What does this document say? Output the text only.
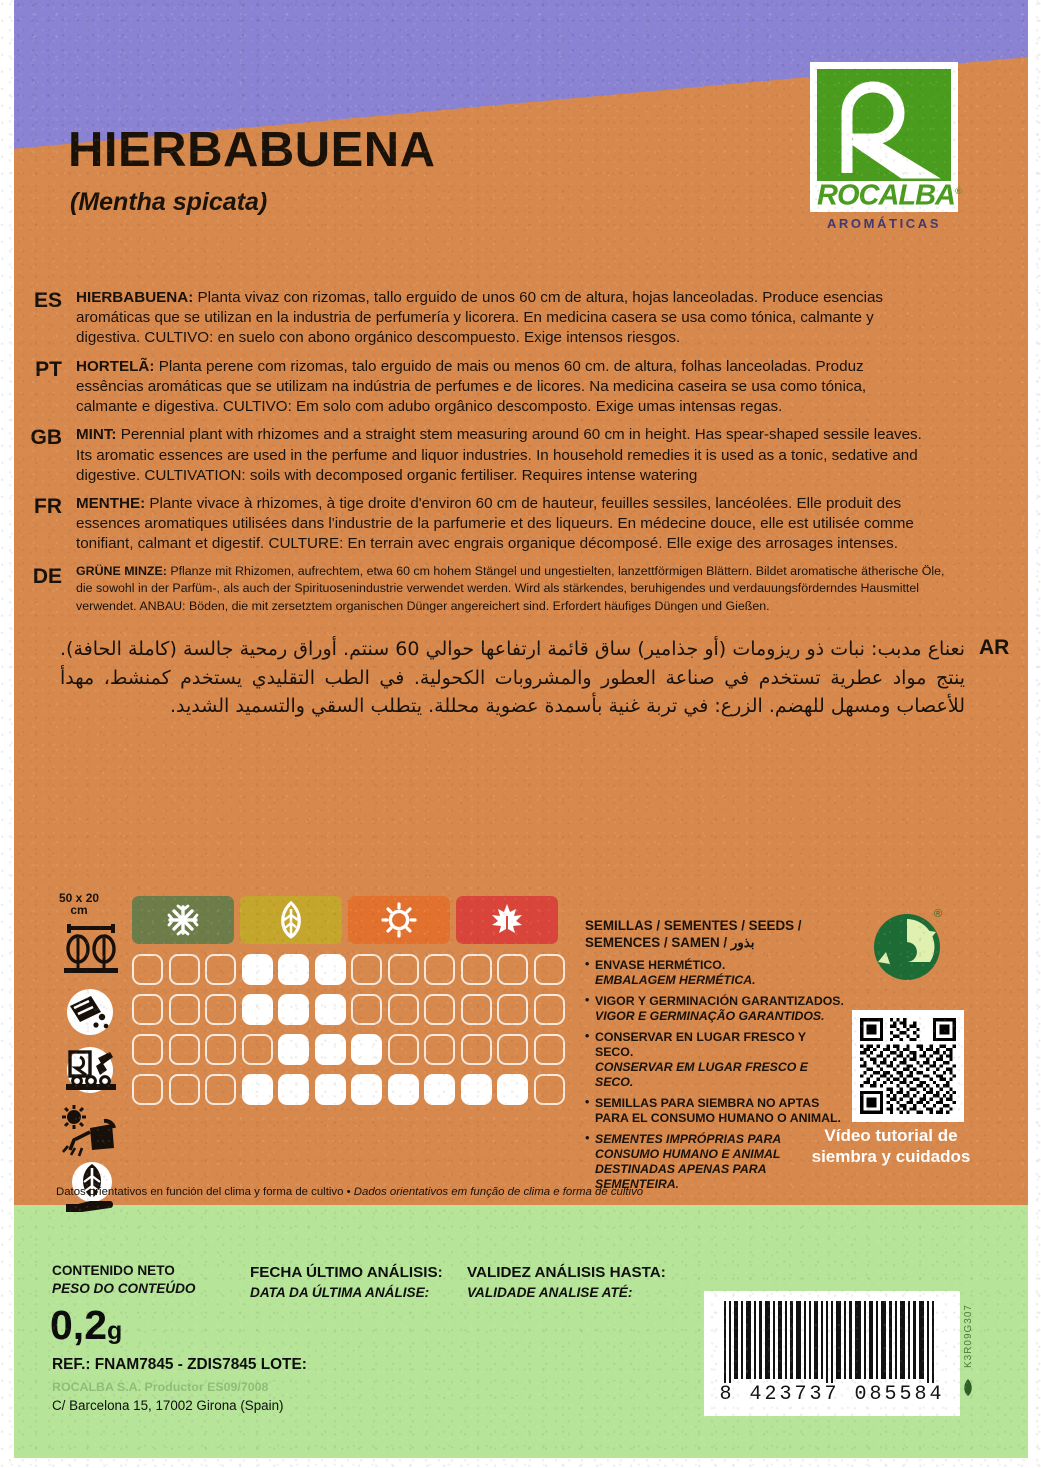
HIERBABUENA
(Mentha spicata)	ROCALBA®
AROMÁTICAS
ES HIERBABUENA: Planta vivaz con rizomas, tallo erguido de unos 60 cm de altura, hojas lanceoladas. Produce esencias aromáticas que se utilizan en la industria de perfumería y licorera. En medicina casera se usa como tónica, calmante y digestiva. CULTIVO: en suelo con abono orgánico descompuesto. Exige intensos riesgos.
PT HORTELÃ: Planta perene com rizomas, talo erguido de mais ou menos 60 cm. de altura, folhas lanceoladas. Produz essências aromáticas que se utilizam na indústria de perfumes e de licores. Na medicina caseira se usa como tónica, calmante e digestiva. CULTIVO: Em solo com adubo orgânico descomposto. Exige umas intensas regas.
GB MINT: Perennial plant with rhizomes and a straight stem measuring around 60 cm in height. Has spear-shaped sessile leaves. Its aromatic essences are used in the perfume and liquor industries. In household remedies it is used as a tonic, sedative and digestive. CULTIVATION: soils with decomposed organic fertiliser. Requires intense watering
FR MENTHE: Plante vivace à rhizomes, à tige droite d'environ 60 cm de hauteur, feuilles sessiles, lancéolées. Elle produit des essences aromatiques utilisées dans l'industrie de la parfumerie et des liqueurs. En médecine douce, elle est utilisée comme tonifiant, calmant et digestif. CULTURE: En terrain avec engrais organique décomposé. Elle exige des arrosages intenses.
DE	GRÜNE MINZE: Pflanze mit Rhizomen, aufrechtem, etwa 60 cm hohem Stängel und ungestielten, lanzettförmigen Blättern. Bildet aromatische ätherische Öle, die sowohl in der Parfüm-, als auch der Spirituosenindustrie verwendet werden. Wird als stärkendes, beruhigendes und verdauungsförderndes Hausmittel verwendet. ANBAU: Böden, die mit zersetztem organischen Dünger angereichert sind. Erfordert häufiges Düngen und Gießen.
AR
نعناع مدبب: نبات ذو ريزومات (أو جذامير) ساق قائمة ارتفاعها حوالي 60 سنتم. أوراق رمحية جالسة (كاملة الحافة). ينتج مواد عطرية تستخدم في صناعة العطور والمشروبات الكحولية. في الطب التقليدي يستخدم كمنشط، مهدأ للأعصاب ومسهل للهضم. الزرع: في تربة غنية بأسمدة عضوية محللة. يتطلب السقي والتسميد الشديد.
50 x 20
cm
SEMILLAS / SEMENTES / SEEDS /
SEMENCES / SAMEN / بذور
• ENVASE HERMÉTICO.
EMBALAGEM HERMÉTICA.
• VIGOR Y GERMINACIÓN GARANTIZADOS.
VIGOR E GERMINAÇÃO GARANTIDOS.
• CONSERVAR EN LUGAR FRESCO Y SECO.
CONSERVAR EM LUGAR FRESCO E SECO.
• SEMILLAS PARA SIEMBRA NO APTAS PARA EL CONSUMO HUMANO O ANIMAL.
• SEMENTES IMPRÓPRIAS PARA CONSUMO HUMANO E ANIMAL DESTINADAS APENAS PARA SEMENTEIRA.
®
Vídeo tutorial de
siembra y cuidados
Datos orientativos en función del clima y forma de cultivo • Dados orientativos em função de clima e forma de cultivo
CONTENIDO NETO
PESO DO CONTEÚDO
0,2g
FECHA ÚLTIMO ANÁLISIS:
DATA DA ÚLTIMA ANÁLISE:
VALIDEZ ANÁLISIS HASTA:
VALIDADE ANALISE ATÉ:
REF.: FNAM7845 - ZDIS7845 LOTE:
ROCALBA S.A. Productor ES09/7008
C/ Barcelona 15, 17002 Girona (Spain)	8 423737 085584
K3R09G307
